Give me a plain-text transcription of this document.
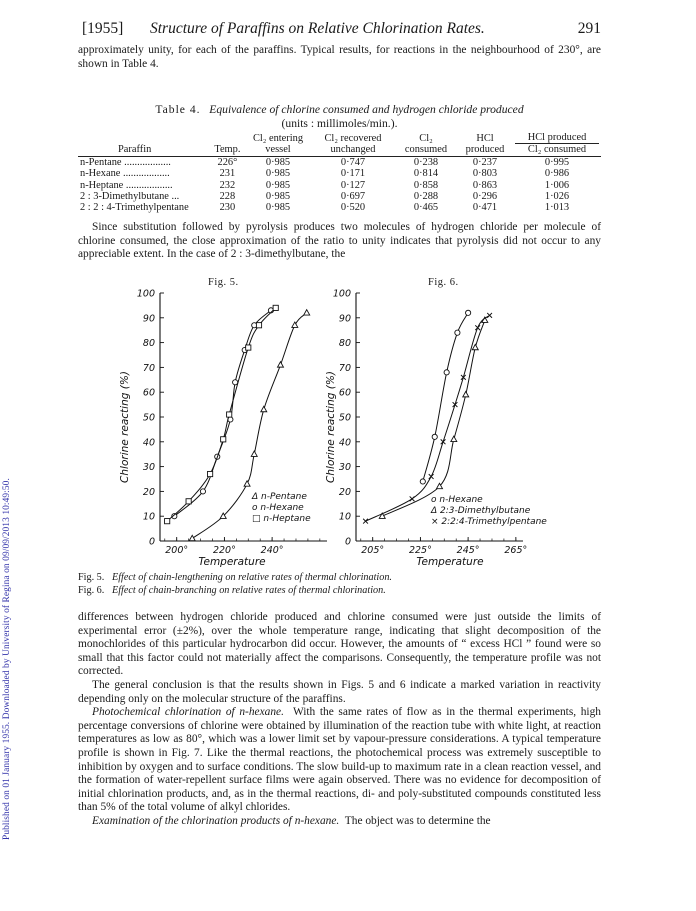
Published on 01 January 1955. Downloaded by University of Regina on 09/09/2013 10:49:50.
[1955] Structure of Paraffins on Relative Chlorination Rates.	291

approximately unity, for each of the paraffins. Typical results, for reactions in the neighbourhood of 230°, are shown in Table 4.

Table 4. Equivalence of chlorine consumed and hydrogen chloride produced
(units : millimoles/min.).
Paraffin	Temp.	Cl₂ entering vessel	Cl₂ recovered unchanged	Cl₂ consumed	HCl produced	HCl produced
Cl₂ consumed

n-Pentane ..................	226°	0·985	0·747	0·238	0·237	0·995
n-Hexane ..................	231	0·985	0·171	0·814	0·803	0·986
n-Heptane ..................	232	0·985	0·127	0·858	0·863	1·006
2 : 3-Dimethylbutane ...	228	0·985	0·697	0·288	0·296	1·026
2 : 2 : 4-Trimethylpentane	230	0·985	0·520	0·465	0·471	1·013

Since substitution followed by pyrolysis produces two molecules of hydrogen chloride per molecule of chlorine consumed, the close approximation of the ratio to unity indicates that pyrolysis did not occur to any appreciable extent. In the case of 2 : 3-dimethylbutane, the

Fig. 5.	Fig. 6.

Fig. 5. Effect of chain-lengthening on relative rates of thermal chlorination.
Fig. 6. Effect of chain-branching on relative rates of thermal chlorination.

differences between hydrogen chloride produced and chlorine consumed were just outside the limits of experimental error (±2%), over the whole temperature range, indicating that slight decomposition of the monochlorides of this particular hydrocarbon did occur. However, the amounts of “ excess HCl ” found were so small that this factor could not materially affect the comparisons. Consequently, the temperature profile was not corrected.

The general conclusion is that the results shown in Figs. 5 and 6 indicate a marked variation in reactivity depending only on the molecular structure of the paraffins.

Photochemical chlorination of n-hexane. With the same rates of flow as in the thermal experiments, high percentage conversions of chlorine were obtained by illumination of the reaction tube with white light, at reaction temperatures as low as 80°, which was a lower limit set by vapour-pressure considerations. A typical temperature profile is shown in Fig. 7. Like the thermal reactions, the photochemical process was extremely susceptible to inhibition by oxygen and to surface conditions. The slow build-up to maximum rate in a clean reaction vessel, and the formation of water-repellent surface films were again observed. There was no evidence for decomposition of initial chlorination products, and, as in the thermal reactions, di- and poly-substituted compounds constituted less than 5% of the total volume of alkyl chlorides.

Examination of the chlorination products of n-hexane. The object was to determine the

0
10
20
30
40
50
60
70
80
90
100
200°	220°	240°
Temperature
Chlorine reacting (%)
Δ n-Pentane
o n-Hexane
□ n-Heptane
0
10
20
30
40
50
60
70
80
90
100
205°	225°	245°	265°
Temperature
Chlorine reacting (%)
o n-Hexane
Δ 2:3-Dimethylbutane
× 2:2:4-Trimethylpentane
